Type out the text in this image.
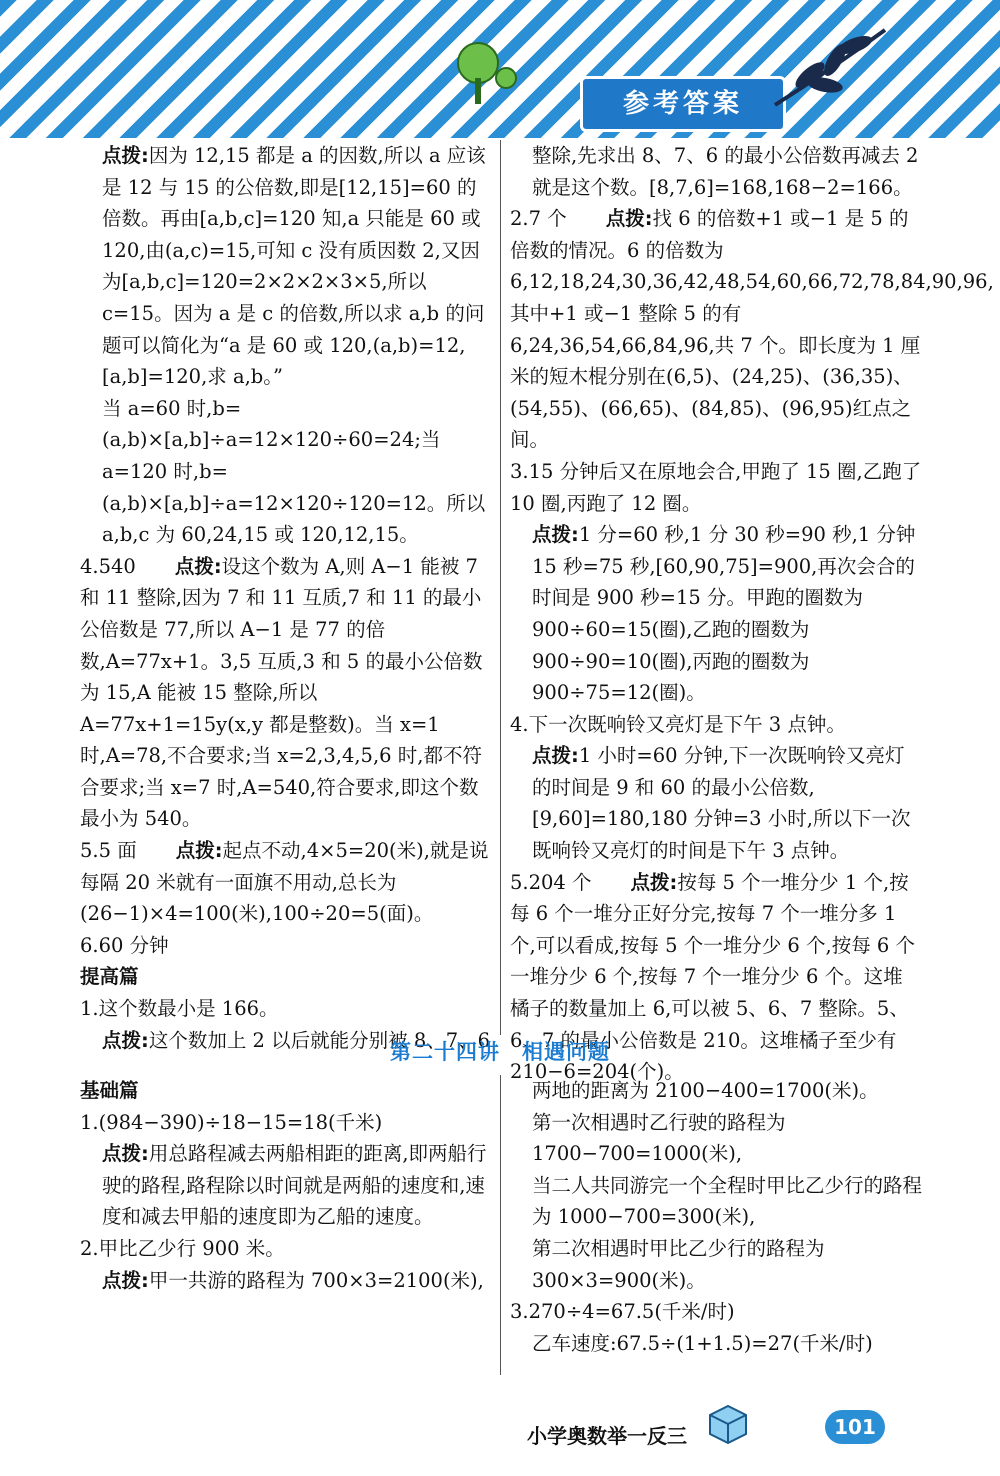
参考答案

点拨:因为 12,15 都是 a 的因数,所以 a 应该是 12 与 15 的公倍数,即是[12,15]=60 的倍数。再由[a,b,c]=120 知,a 只能是 60 或 120,由(a,c)=15,可知 c 没有质因数 2,又因为[a,b,c]=120=2×2×2×3×5,所以 c=15。因为 a 是 c 的倍数,所以求 a,b 的问题可以简化为“a 是 60 或 120,(a,b)=12,[a,b]=120,求 a,b。”

当 a=60 时,b=(a,b)×[a,b]÷a=12×120÷60=24;当 a=120 时,b=(a,b)×[a,b]÷a=12×120÷120=12。所以 a,b,c 为 60,24,15 或 120,12,15。

4.540　　点拨:设这个数为 A,则 A−1 能被 7 和 11 整除,因为 7 和 11 互质,7 和 11 的最小公倍数是 77,所以 A−1 是 77 的倍数,A=77x+1。3,5 互质,3 和 5 的最小公倍数为 15,A 能被 15 整除,所以 A=77x+1=15y(x,y 都是整数)。当 x=1 时,A=78,不合要求;当 x=2,3,4,5,6 时,都不符合要求;当 x=7 时,A=540,符合要求,即这个数最小为 540。

5.5 面　　点拨:起点不动,4×5=20(米),就是说每隔 20 米就有一面旗不用动,总长为(26−1)×4=100(米),100÷20=5(面)。

6.60 分钟

提高篇

1.这个数最小是 166。

点拨:这个数加上 2 以后就能分别被 8、7、6

整除,先求出 8、7、6 的最小公倍数再减去 2 就是这个数。[8,7,6]=168,168−2=166。

2.7 个　　点拨:找 6 的倍数+1 或−1 是 5 的倍数的情况。6 的倍数为 6,12,18,24,30,36,42,48,54,60,66,72,78,84,90,96,其中+1 或−1 整除 5 的有 6,24,36,54,66,84,96,共 7 个。即长度为 1 厘米的短木棍分别在(6,5)、(24,25)、(36,35)、(54,55)、(66,65)、(84,85)、(96,95)红点之间。

3.15 分钟后又在原地会合,甲跑了 15 圈,乙跑了 10 圈,丙跑了 12 圈。

点拨:1 分=60 秒,1 分 30 秒=90 秒,1 分钟 15 秒=75 秒,[60,90,75]=900,再次会合的时间是 900 秒=15 分。甲跑的圈数为 900÷60=15(圈),乙跑的圈数为 900÷90=10(圈),丙跑的圈数为 900÷75=12(圈)。

4.下一次既响铃又亮灯是下午 3 点钟。

点拨:1 小时=60 分钟,下一次既响铃又亮灯的时间是 9 和 60 的最小公倍数,[9,60]=180,180 分钟=3 小时,所以下一次既响铃又亮灯的时间是下午 3 点钟。

5.204 个　　点拨:按每 5 个一堆分少 1 个,按每 6 个一堆分正好分完,按每 7 个一堆分多 1 个,可以看成,按每 5 个一堆分少 6 个,按每 6 个一堆分少 6 个,按每 7 个一堆分少 6 个。这堆橘子的数量加上 6,可以被 5、6、7 整除。5、6、7 的最小公倍数是 210。这堆橘子至少有 210−6=204(个)。

第二十四讲　相遇问题

基础篇

1.(984−390)÷18−15=18(千米)

点拨:用总路程减去两船相距的距离,即两船行驶的路程,路程除以时间就是两船的速度和,速度和减去甲船的速度即为乙船的速度。

2.甲比乙少行 900 米。

点拨:甲一共游的路程为 700×3=2100(米),

两地的距离为 2100−400=1700(米)。

第一次相遇时乙行驶的路程为 1700−700=1000(米),

当二人共同游完一个全程时甲比乙少行的路程为 1000−700=300(米),

第二次相遇时甲比乙少行的路程为 300×3=900(米)。

3.270÷4=67.5(千米/时)

乙车速度:67.5÷(1+1.5)=27(千米/时)

小学奥数举一反三	101
